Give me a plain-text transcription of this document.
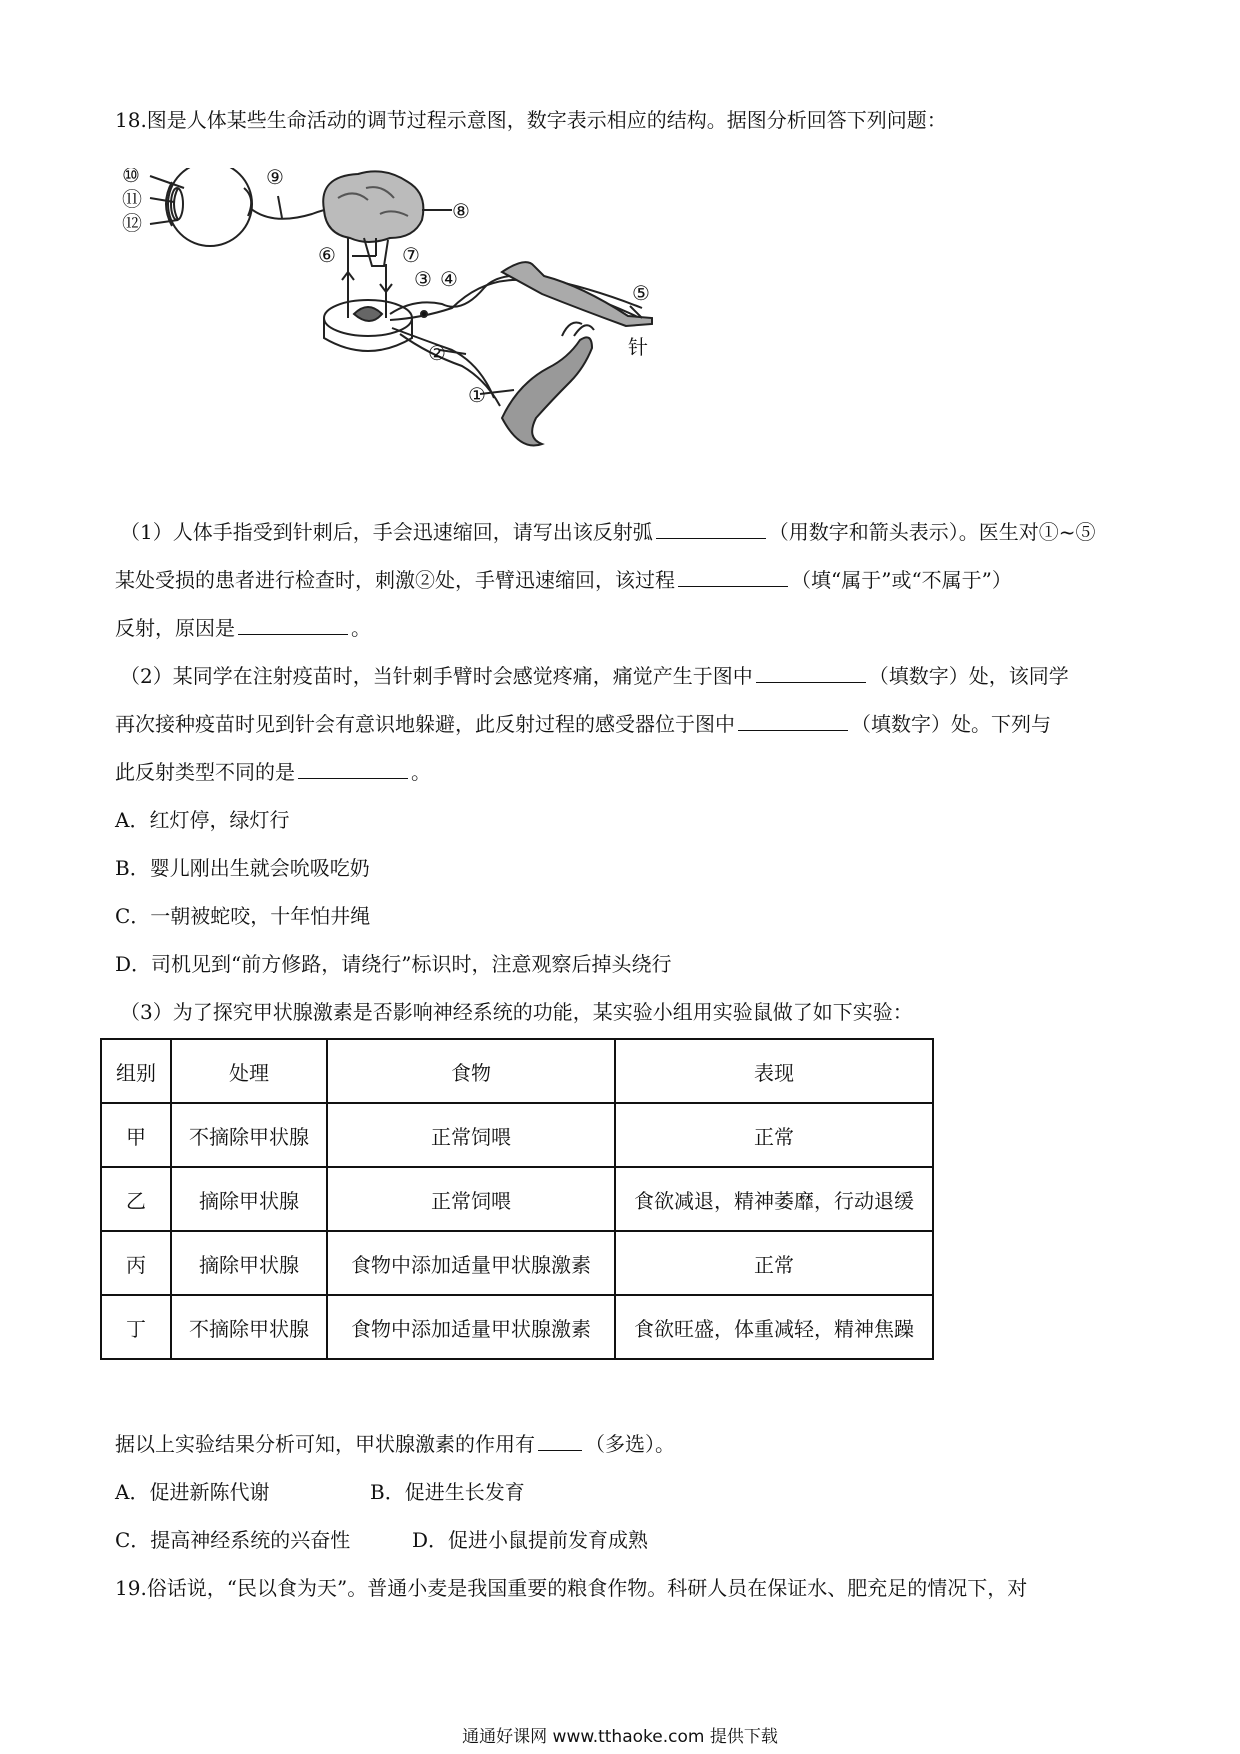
18.图是人体某些生命活动的调节过程示意图，数字表示相应的结构。据图分析回答下列问题：
⑩
⑪
⑫
⑨
⑧
⑥	⑦
③ ④
⑤
针
②
①
（1）人体手指受到针刺后，手会迅速缩回，请写出该反射弧	（用数字和箭头表示）。医生对①~⑤
某处受损的患者进行检查时，刺激②处，手臂迅速缩回，该过程	（填“属于”或“不属于”）
反射，原因是	。
（2）某同学在注射疫苗时，当针刺手臂时会感觉疼痛，痛觉产生于图中	（填数字）处，该同学
再次接种疫苗时见到针会有意识地躲避，此反射过程的感受器位于图中	（填数字）处。下列与
此反射类型不同的是	。
A．红灯停，绿灯行
B．婴儿刚出生就会吮吸吃奶
C．一朝被蛇咬，十年怕井绳
D．司机见到“前方修路，请绕行”标识时，注意观察后掉头绕行
（3）为了探究甲状腺激素是否影响神经系统的功能，某实验小组用实验鼠做了如下实验：
组别	处理	食物	表现
甲	不摘除甲状腺	正常饲喂	正常
乙	摘除甲状腺	正常饲喂	食欲减退，精神萎靡，行动退缓
丙	摘除甲状腺	食物中添加适量甲状腺激素	正常
丁	不摘除甲状腺	食物中添加适量甲状腺激素	食欲旺盛，体重减轻，精神焦躁
据以上实验结果分析可知，甲状腺激素的作用有	（多选）。
A．促进新陈代谢	B．促进生长发育
C．提高神经系统的兴奋性	D．促进小鼠提前发育成熟
19.俗话说，“民以食为天”。普通小麦是我国重要的粮食作物。科研人员在保证水、肥充足的情况下，对
通通好课网 www.tthaoke.com 提供下载
